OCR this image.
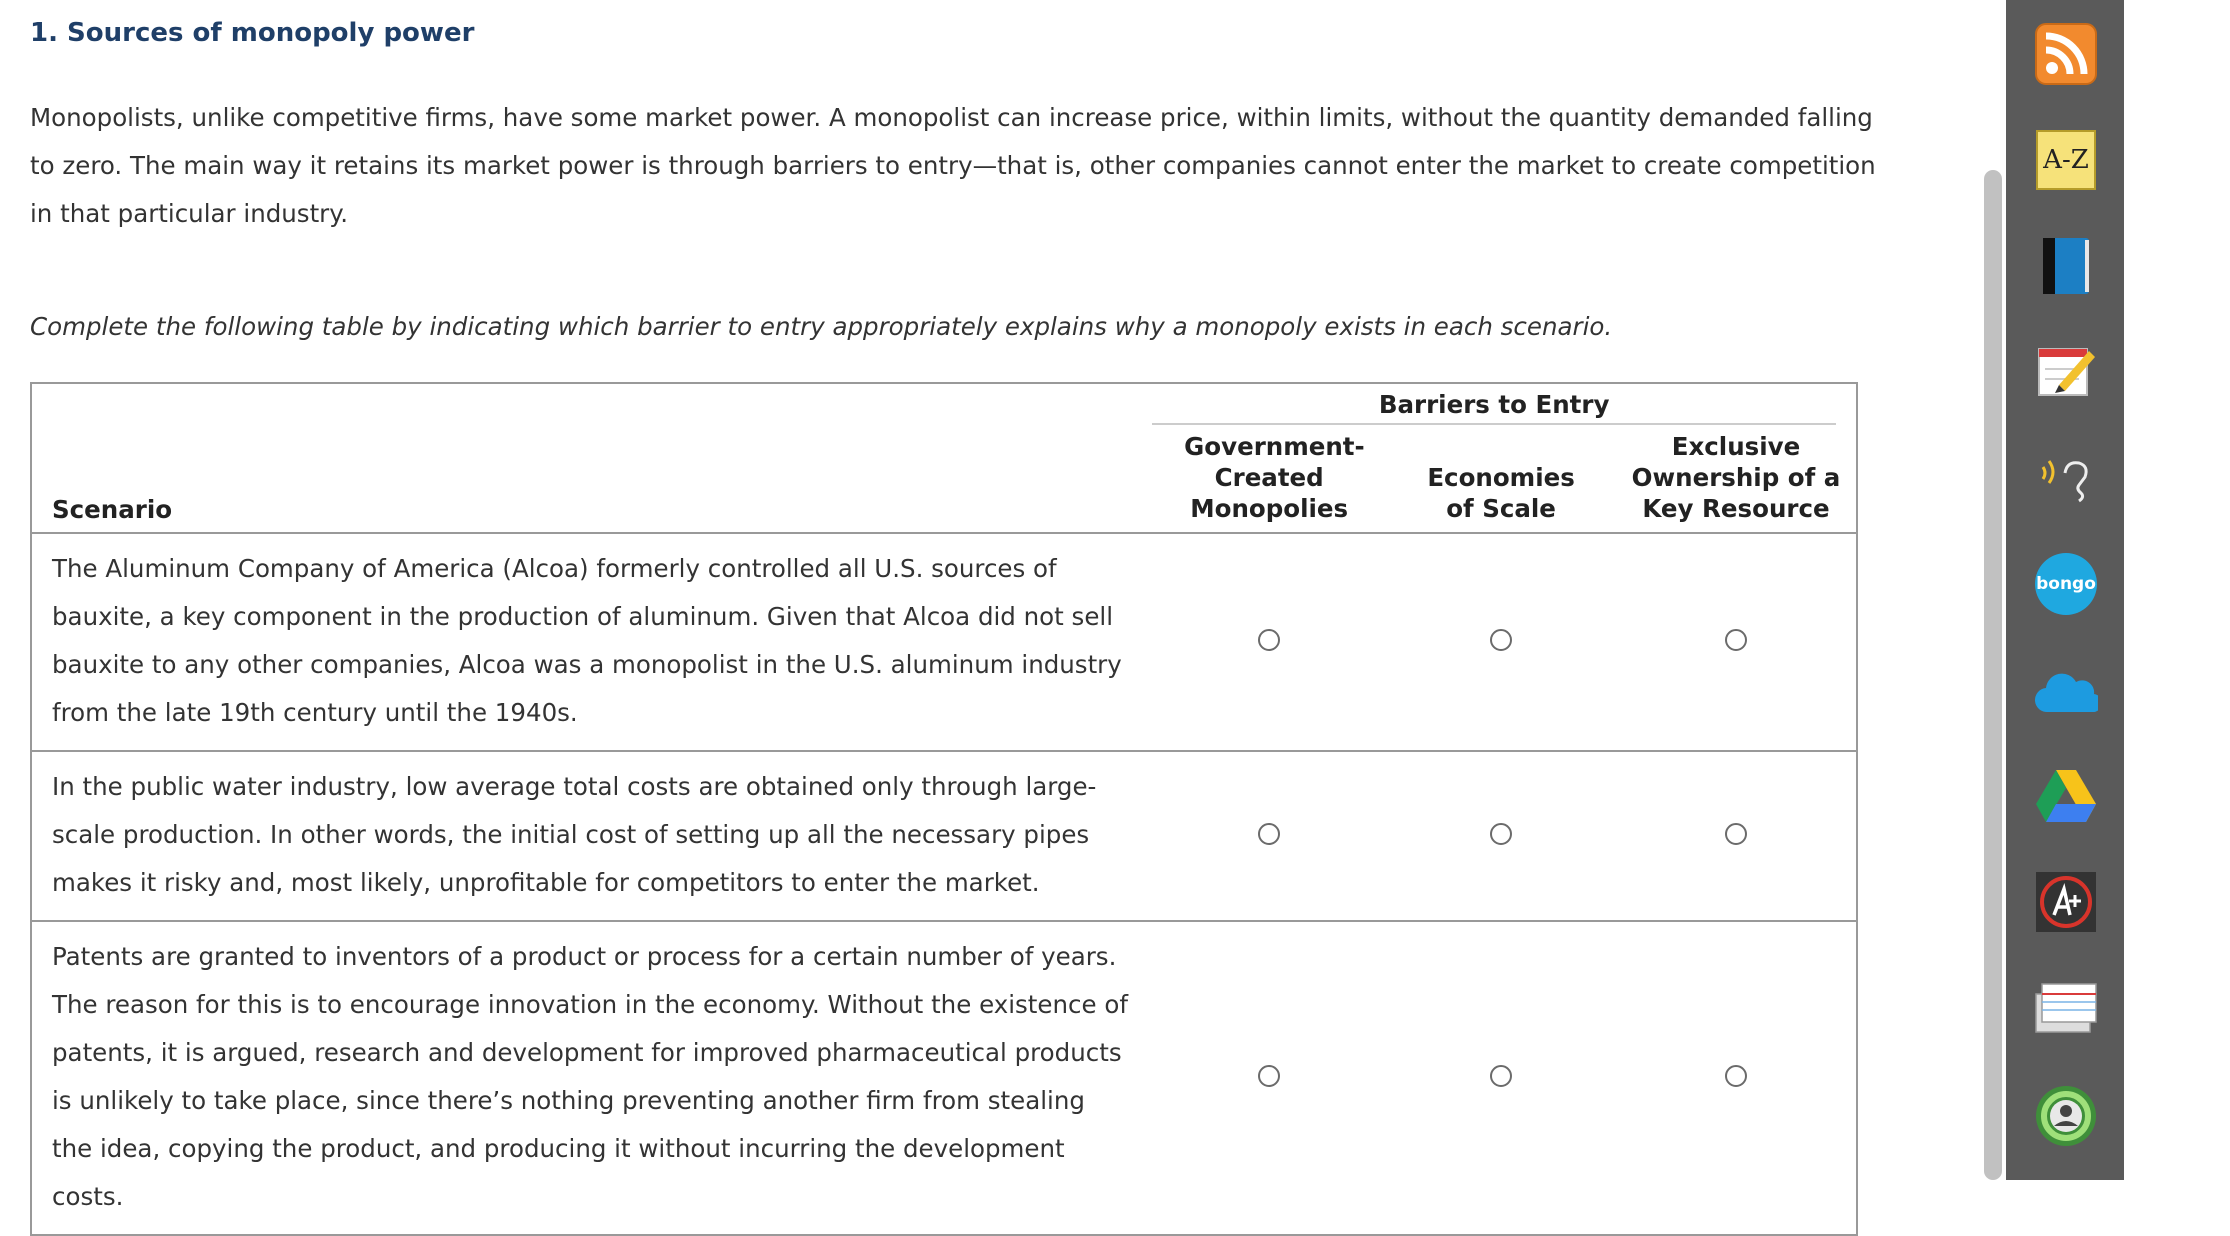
1. Sources of monopoly power

Monopolists, unlike competitive firms, have some market power. A monopolist can increase price, within limits, without the quantity demanded falling to zero. The main way it retains its market power is through barriers to entry—that is, other companies cannot enter the market to create competition in that particular industry.

Complete the following table by indicating which barrier to entry appropriately explains why a monopoly exists in each scenario.

Scenario	Barriers to Entry		

	Government-Created Monopolies	Economies of Scale	Exclusive Ownership of a Key Resource

The Aluminum Company of America (Alcoa) formerly controlled all U.S. sources of bauxite, a key component in the production of aluminum. Given that Alcoa did not sell bauxite to any other companies, Alcoa was a monopolist in the U.S. aluminum industry from the late 19th century until the 1940s.			
In the public water industry, low average total costs are obtained only through large-scale production. In other words, the initial cost of setting up all the necessary pipes makes it risky and, most likely, unprofitable for competitors to enter the market.			
Patents are granted to inventors of a product or process for a certain number of years. The reason for this is to encourage innovation in the economy. Without the existence of patents, it is argued, research and development for improved pharmaceutical products is unlikely to take place, since there’s nothing preventing another firm from stealing the idea, copying the product, and producing it without incurring the development costs.			
A-Z
bongo
